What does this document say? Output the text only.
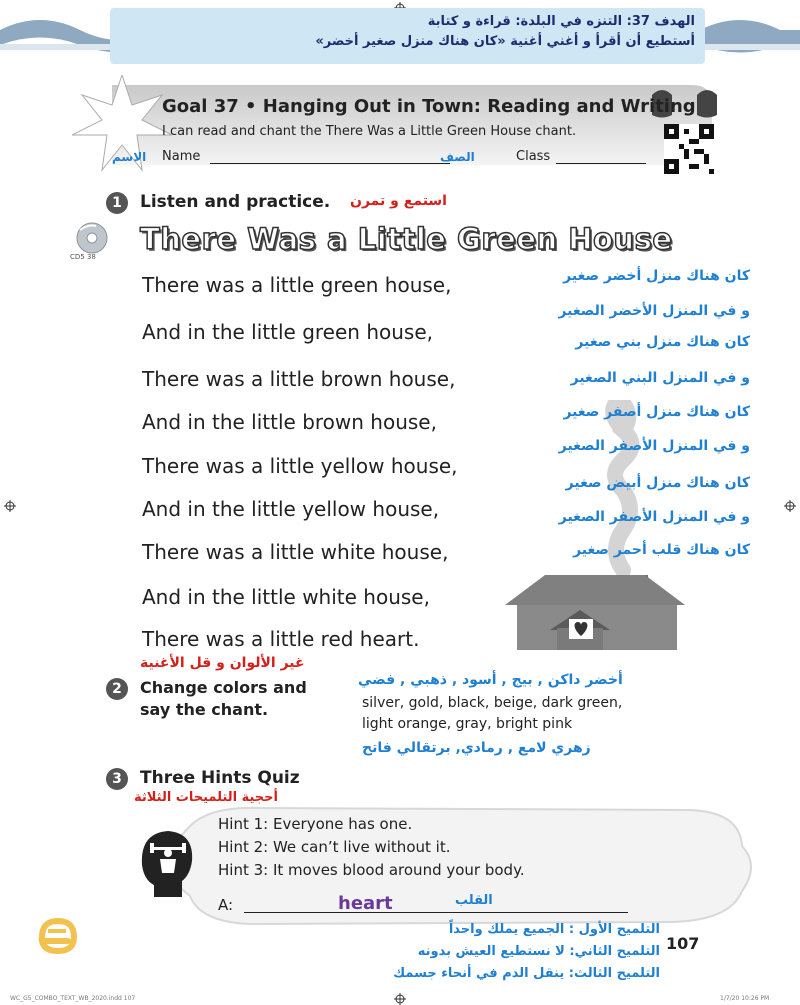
الهدف 37: التنزه في البلدة: قراءة و كتابة
أستطيع أن أقرأ و أغني أغنية «كان هناك منزل صغير أخضر»
Goal 37 • Hanging Out in Town: Reading and Writing
I can read and chant the There Was a Little Green House chant.
الاسم Name	الصف	Class
1	Listen and practice. استمع و تمرن
CD5 38
There Was a Little Green House
There was a little green house,
And in the little green house,
There was a little brown house,
And in the little brown house,
There was a little yellow house,
And in the little yellow house,
There was a little white house,
And in the little white house,
There was a little red heart.
كان هناك منزل أخضر صغير
و في المنزل الأخضر الصغير
كان هناك منزل بني صغير
و في المنزل البني الصغير
كان هناك منزل أصفر صغير
و في المنزل الأصفر الصغير
كان هناك منزل أبيض صغير
و في المنزل الأصفر الصغير
كان هناك قلب أحمر صغير
غير الألوان و قل الأغنية
2	Change colors and
say the chant.
أخضر داكن , بيج , أسود , ذهبي , فضي
silver, gold, black, beige, dark green,
light orange, gray, bright pink
زهري لامع , رمادي, برتقالي فاتح
3	Three Hints Quiz
أحجية التلميحات الثلاثة
Hint 1: Everyone has one.
Hint 2: We can’t live without it.
Hint 3: It moves blood around your body.
A:	heart	القلب
التلميح الأول : الجميع يملك واحداً
التلميح الثاني: لا نستطيع العيش بدونه
التلميح الثالث: ينقل الدم في أنحاء جسمك
107
WC_G5_COMBO_TEXT_WB_2020.indd 107	1/7/20 10:26 PM
